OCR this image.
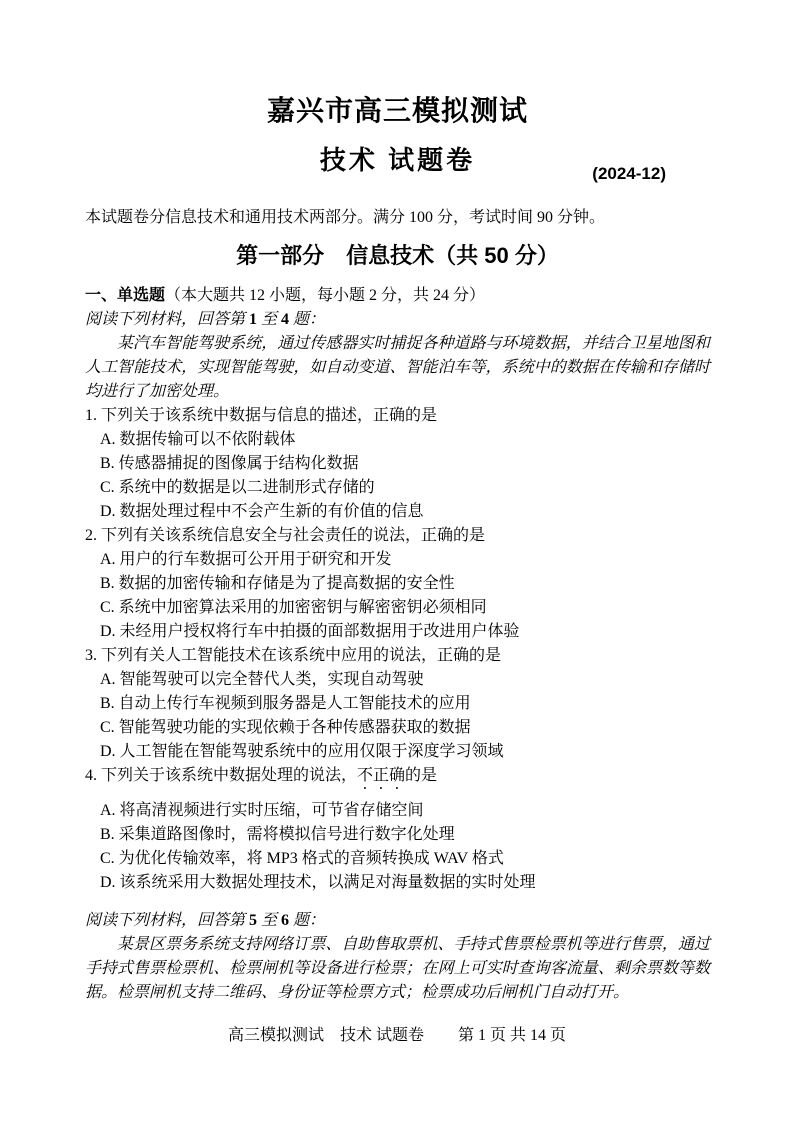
嘉兴市高三模拟测试
技术 试题卷	(2024-12)

本试题卷分信息技术和通用技术两部分。满分 100 分，考试时间 90 分钟。

第一部分　信息技术（共 50 分）

一、单选题（本大题共 12 小题，每小题 2 分，共 24 分）

阅读下列材料，回答第 1 至 4 题：

某汽车智能驾驶系统，通过传感器实时捕捉各种道路与环境数据，并结合卫星地图和人工智能技术，实现智能驾驶，如自动变道、智能泊车等，系统中的数据在传输和存储时均进行了加密处理。

1. 下列关于该系统中数据与信息的描述，正确的是

A. 数据传输可以不依附载体

B. 传感器捕捉的图像属于结构化数据

C. 系统中的数据是以二进制形式存储的

D. 数据处理过程中不会产生新的有价值的信息

2. 下列有关该系统信息安全与社会责任的说法，正确的是

A. 用户的行车数据可公开用于研究和开发

B. 数据的加密传输和存储是为了提高数据的安全性

C. 系统中加密算法采用的加密密钥与解密密钥必须相同

D. 未经用户授权将行车中拍摄的面部数据用于改进用户体验

3. 下列有关人工智能技术在该系统中应用的说法，正确的是

A. 智能驾驶可以完全替代人类，实现自动驾驶

B. 自动上传行车视频到服务器是人工智能技术的应用

C. 智能驾驶功能的实现依赖于各种传感器获取的数据

D. 人工智能在智能驾驶系统中的应用仅限于深度学习领域

4. 下列关于该系统中数据处理的说法，不正确的是

A. 将高清视频进行实时压缩，可节省存储空间

B. 采集道路图像时，需将模拟信号进行数字化处理

C. 为优化传输效率，将 MP3 格式的音频转换成 WAV 格式

D. 该系统采用大数据处理技术，以满足对海量数据的实时处理

阅读下列材料，回答第 5 至 6 题：

某景区票务系统支持网络订票、自助售取票机、手持式售票检票机等进行售票，通过手持式售票检票机、检票闸机等设备进行检票；在网上可实时查询客流量、剩余票数等数据。检票闸机支持二维码、身份证等检票方式；检票成功后闸机门自动打开。

高三模拟测试　技术 试题卷 第 1 页 共 14 页
